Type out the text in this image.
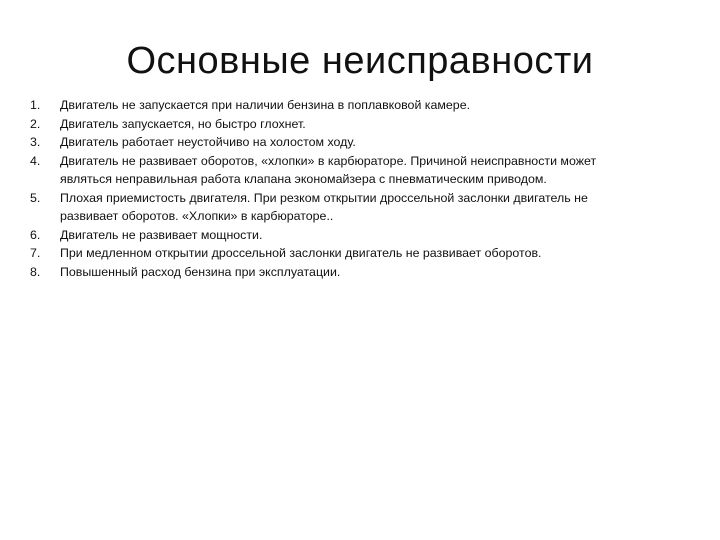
Основные неисправности
1.	Двигатель не запускается при наличии бензина в поплавковой камере.
2.	Двигатель запускается, но быстро глохнет.
3.	Двигатель работает неустойчиво на холостом ходу.
4.	Двигатель не развивает оборотов, «хлопки» в карбюраторе. Причиной неисправности может являться неправильная работа клапана экономайзера с пневматическим приводом.
5.	Плохая приемистость двигателя. При резком открытии дроссельной заслонки двигатель не развивает оборотов. «Хлопки» в карбюраторе..
6.	Двигатель не развивает мощности.
7.	При медленном открытии дроссельной заслонки двигатель не развивает оборотов.
8.	Повышенный расход бензина при эксплуатации.
